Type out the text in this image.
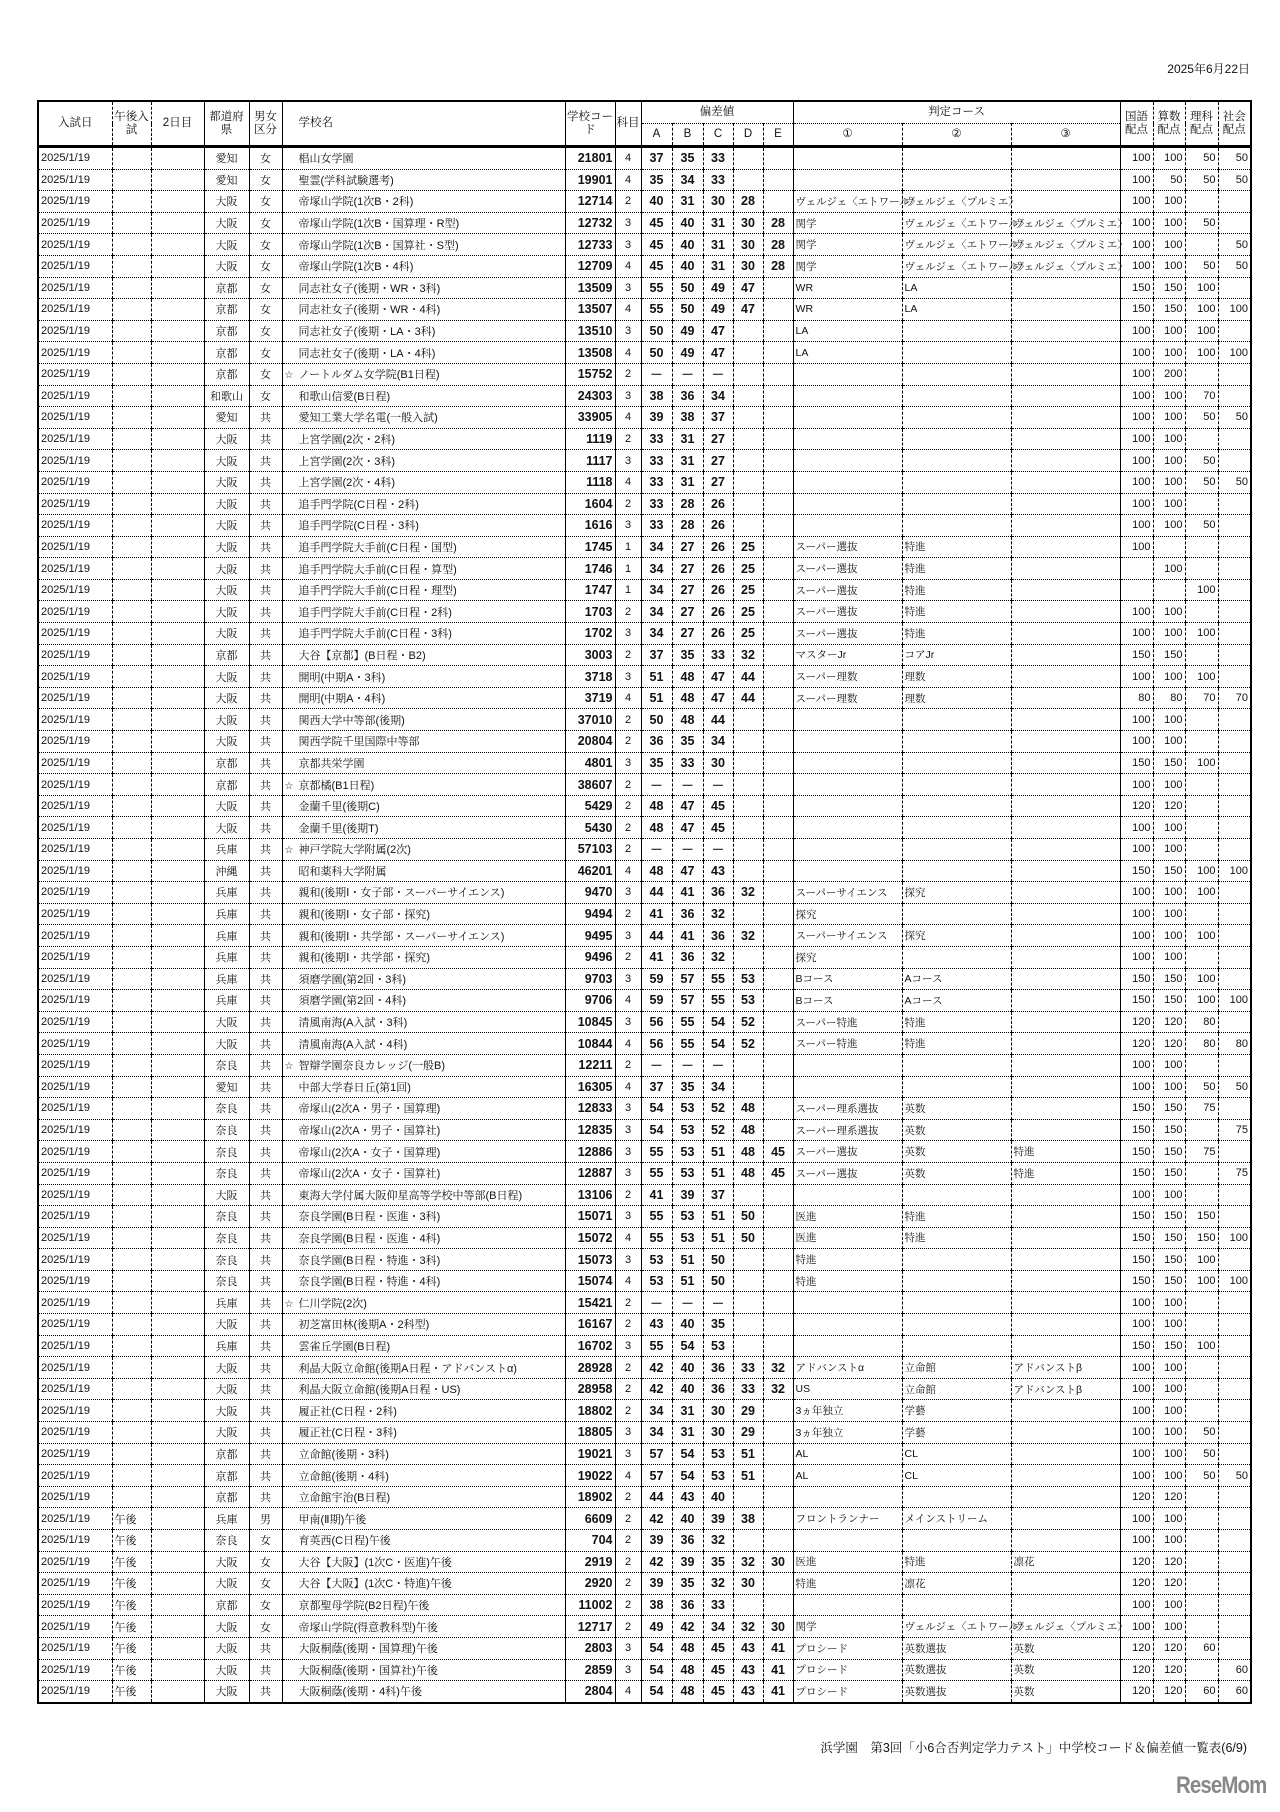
2025年6月22日
入試日	午後入試	2日目	都道府県	男女区分	学校名	学校コード	科目	偏差値					判定コース			国語配点	算数配点	理科配点	社会配点
								A	B	C	D	E	①	②	③				
2025/1/19			愛知	女	椙山女学園	21801	4	37	35	33						100	100	50	50
2025/1/19			愛知	女	聖霊(学科試験選考)	19901	4	35	34	33						100	50	50	50
2025/1/19			大阪	女	帝塚山学院(1次B・2科)	12714	2	40	31	30	28		ヴェルジェ〈エトワール〉	ヴェルジェ〈プルミエ〉		100	100		
2025/1/19			大阪	女	帝塚山学院(1次B・国算理・R型)	12732	3	45	40	31	30	28	関学	ヴェルジェ〈エトワール〉	ヴェルジェ〈プルミエ〉	100	100	50	
2025/1/19			大阪	女	帝塚山学院(1次B・国算社・S型)	12733	3	45	40	31	30	28	関学	ヴェルジェ〈エトワール〉	ヴェルジェ〈プルミエ〉	100	100		50
2025/1/19			大阪	女	帝塚山学院(1次B・4科)	12709	4	45	40	31	30	28	関学	ヴェルジェ〈エトワール〉	ヴェルジェ〈プルミエ〉	100	100	50	50
2025/1/19			京都	女	同志社女子(後期・WR・3科)	13509	3	55	50	49	47		WR	LA		150	150	100	
2025/1/19			京都	女	同志社女子(後期・WR・4科)	13507	4	55	50	49	47		WR	LA		150	150	100	100
2025/1/19			京都	女	同志社女子(後期・LA・3科)	13510	3	50	49	47			LA			100	100	100	
2025/1/19			京都	女	同志社女子(後期・LA・4科)	13508	4	50	49	47			LA			100	100	100	100
2025/1/19			京都	女	☆ ノートルダム女学院(B1日程)	15752	2	－	－	－						100	200		
2025/1/19			和歌山	女	和歌山信愛(B日程)	24303	3	38	36	34						100	100	70	
2025/1/19			愛知	共	愛知工業大学名電(一般入試)	33905	4	39	38	37						100	100	50	50
2025/1/19			大阪	共	上宮学園(2次・2科)	1119	2	33	31	27						100	100		
2025/1/19			大阪	共	上宮学園(2次・3科)	1117	3	33	31	27						100	100	50	
2025/1/19			大阪	共	上宮学園(2次・4科)	1118	4	33	31	27						100	100	50	50
2025/1/19			大阪	共	追手門学院(C日程・2科)	1604	2	33	28	26						100	100		
2025/1/19			大阪	共	追手門学院(C日程・3科)	1616	3	33	28	26						100	100	50	
2025/1/19			大阪	共	追手門学院大手前(C日程・国型)	1745	1	34	27	26	25		スーパー選抜	特進		100			
2025/1/19			大阪	共	追手門学院大手前(C日程・算型)	1746	1	34	27	26	25		スーパー選抜	特進			100		
2025/1/19			大阪	共	追手門学院大手前(C日程・理型)	1747	1	34	27	26	25		スーパー選抜	特進				100	
2025/1/19			大阪	共	追手門学院大手前(C日程・2科)	1703	2	34	27	26	25		スーパー選抜	特進		100	100		
2025/1/19			大阪	共	追手門学院大手前(C日程・3科)	1702	3	34	27	26	25		スーパー選抜	特進		100	100	100	
2025/1/19			京都	共	大谷【京都】(B日程・B2)	3003	2	37	35	33	32		マスターJr	コアJr		150	150		
2025/1/19			大阪	共	開明(中期A・3科)	3718	3	51	48	47	44		スーパー理数	理数		100	100	100	
2025/1/19			大阪	共	開明(中期A・4科)	3719	4	51	48	47	44		スーパー理数	理数		80	80	70	70
2025/1/19			大阪	共	関西大学中等部(後期)	37010	2	50	48	44						100	100		
2025/1/19			大阪	共	関西学院千里国際中等部	20804	2	36	35	34						100	100		
2025/1/19			京都	共	京都共栄学園	4801	3	35	33	30						150	150	100	
2025/1/19			京都	共	☆ 京都橘(B1日程)	38607	2	－	－	－						100	100		
2025/1/19			大阪	共	金蘭千里(後期C)	5429	2	48	47	45						120	120		
2025/1/19			大阪	共	金蘭千里(後期T)	5430	2	48	47	45						100	100		
2025/1/19			兵庫	共	☆ 神戸学院大学附属(2次)	57103	2	－	－	－						100	100		
2025/1/19			沖縄	共	昭和薬科大学附属	46201	4	48	47	43						150	150	100	100
2025/1/19			兵庫	共	親和(後期Ⅰ・女子部・スーパーサイエンス)	9470	3	44	41	36	32		スーパーサイエンス	探究		100	100	100	
2025/1/19			兵庫	共	親和(後期Ⅰ・女子部・探究)	9494	2	41	36	32			探究			100	100		
2025/1/19			兵庫	共	親和(後期Ⅰ・共学部・スーパーサイエンス)	9495	3	44	41	36	32		スーパーサイエンス	探究		100	100	100	
2025/1/19			兵庫	共	親和(後期Ⅰ・共学部・探究)	9496	2	41	36	32			探究			100	100		
2025/1/19			兵庫	共	須磨学園(第2回・3科)	9703	3	59	57	55	53		Bコース	Aコース		150	150	100	
2025/1/19			兵庫	共	須磨学園(第2回・4科)	9706	4	59	57	55	53		Bコース	Aコース		150	150	100	100
2025/1/19			大阪	共	清風南海(A入試・3科)	10845	3	56	55	54	52		スーパー特進	特進		120	120	80	
2025/1/19			大阪	共	清風南海(A入試・4科)	10844	4	56	55	54	52		スーパー特進	特進		120	120	80	80
2025/1/19			奈良	共	☆ 智辯学園奈良カレッジ(一般B)	12211	2	－	－	－						100	100		
2025/1/19			愛知	共	中部大学春日丘(第1回)	16305	4	37	35	34						100	100	50	50
2025/1/19			奈良	共	帝塚山(2次A・男子・国算理)	12833	3	54	53	52	48		スーパー理系選抜	英数		150	150	75	
2025/1/19			奈良	共	帝塚山(2次A・男子・国算社)	12835	3	54	53	52	48		スーパー理系選抜	英数		150	150		75
2025/1/19			奈良	共	帝塚山(2次A・女子・国算理)	12886	3	55	53	51	48	45	スーパー選抜	英数	特進	150	150	75	
2025/1/19			奈良	共	帝塚山(2次A・女子・国算社)	12887	3	55	53	51	48	45	スーパー選抜	英数	特進	150	150		75
2025/1/19			大阪	共	東海大学付属大阪仰星高等学校中等部(B日程)	13106	2	41	39	37						100	100		
2025/1/19			奈良	共	奈良学園(B日程・医進・3科)	15071	3	55	53	51	50		医進	特進		150	150	150	
2025/1/19			奈良	共	奈良学園(B日程・医進・4科)	15072	4	55	53	51	50		医進	特進		150	150	150	100
2025/1/19			奈良	共	奈良学園(B日程・特進・3科)	15073	3	53	51	50			特進			150	150	100	
2025/1/19			奈良	共	奈良学園(B日程・特進・4科)	15074	4	53	51	50			特進			150	150	100	100
2025/1/19			兵庫	共	☆ 仁川学院(2次)	15421	2	－	－	－						100	100		
2025/1/19			大阪	共	初芝富田林(後期A・2科型)	16167	2	43	40	35						100	100		
2025/1/19			兵庫	共	雲雀丘学園(B日程)	16702	3	55	54	53						150	150	100	
2025/1/19			大阪	共	利晶大阪立命館(後期A日程・アドバンストα)	28928	2	42	40	36	33	32	アドバンストα	立命館	アドバンストβ	100	100		
2025/1/19			大阪	共	利晶大阪立命館(後期A日程・US)	28958	2	42	40	36	33	32	US	立命館	アドバンストβ	100	100		
2025/1/19			大阪	共	履正社(C日程・2科)	18802	2	34	31	30	29		3ヵ年独立	学藝		100	100		
2025/1/19			大阪	共	履正社(C日程・3科)	18805	3	34	31	30	29		3ヵ年独立	学藝		100	100	50	
2025/1/19			京都	共	立命館(後期・3科)	19021	3	57	54	53	51		AL	CL		100	100	50	
2025/1/19			京都	共	立命館(後期・4科)	19022	4	57	54	53	51		AL	CL		100	100	50	50
2025/1/19			京都	共	立命館宇治(B日程)	18902	2	44	43	40						120	120		
2025/1/19	午後		兵庫	男	甲南(Ⅱ期)午後	6609	2	42	40	39	38		フロントランナー	メインストリーム		100	100		
2025/1/19	午後		奈良	女	育英西(C日程)午後	704	2	39	36	32						100	100		
2025/1/19	午後		大阪	女	大谷【大阪】(1次C・医進)午後	2919	2	42	39	35	32	30	医進	特進	凛花	120	120		
2025/1/19	午後		大阪	女	大谷【大阪】(1次C・特進)午後	2920	2	39	35	32	30		特進	凛花		120	120		
2025/1/19	午後		京都	女	京都聖母学院(B2日程)午後	11002	2	38	36	33						100	100		
2025/1/19	午後		大阪	女	帝塚山学院(得意教科型)午後	12717	2	49	42	34	32	30	関学	ヴェルジェ〈エトワール〉	ヴェルジェ〈プルミエ〉	100	100		
2025/1/19	午後		大阪	共	大阪桐蔭(後期・国算理)午後	2803	3	54	48	45	43	41	プロシード	英数選抜	英数	120	120	60	
2025/1/19	午後		大阪	共	大阪桐蔭(後期・国算社)午後	2859	3	54	48	45	43	41	プロシード	英数選抜	英数	120	120		60
2025/1/19	午後		大阪	共	大阪桐蔭(後期・4科)午後	2804	4	54	48	45	43	41	プロシード	英数選抜	英数	120	120	60	60
浜学園　第3回「小6合否判定学力テスト」中学校コード＆偏差値一覧表(6/9)
ReseMom
